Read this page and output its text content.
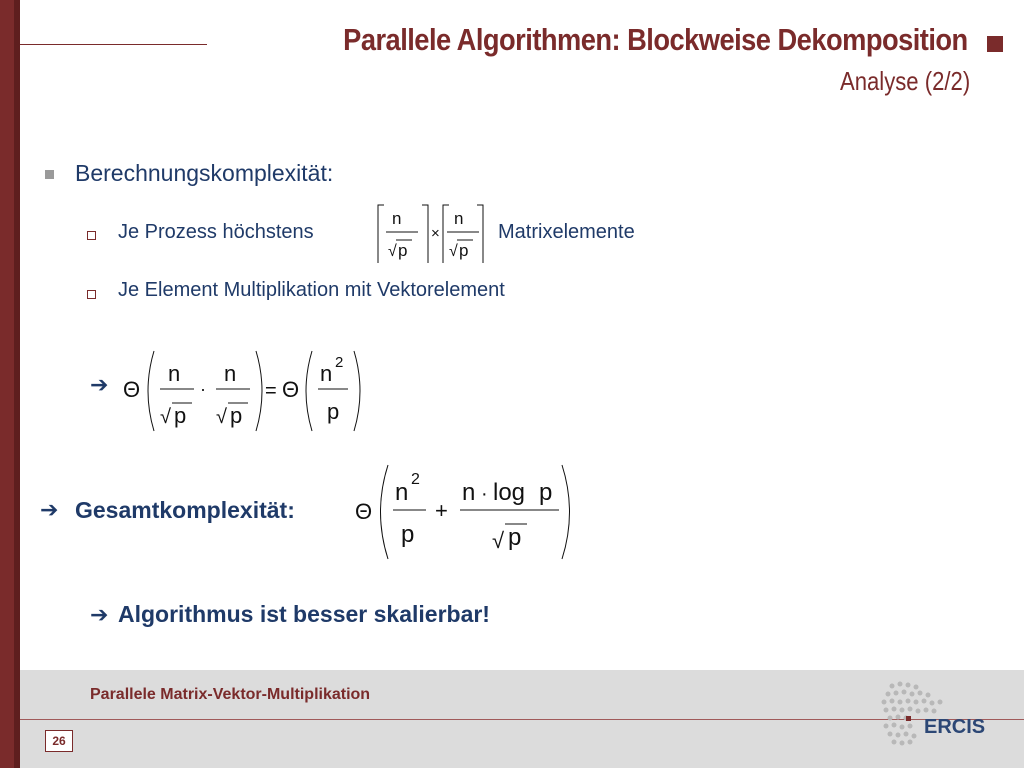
Parallele Algorithmen: Blockweise Dekomposition
Analyse (2/2)
Berechnungskomplexität:
Je Prozess höchstens
n
√ p
×
n
√ p
Matrixelemente
Je Element Multiplikation mit Vektorelement
➔ Θ
n
√ p
·
n
√ p
= Θ
n 2
p
➔ Gesamtkomplexität:	Θ
n 2
p
+
n · log p
√ p
➔ Algorithmus ist besser skalierbar!
Parallele Matrix-Vektor-Multiplikation
26
ERCIS
